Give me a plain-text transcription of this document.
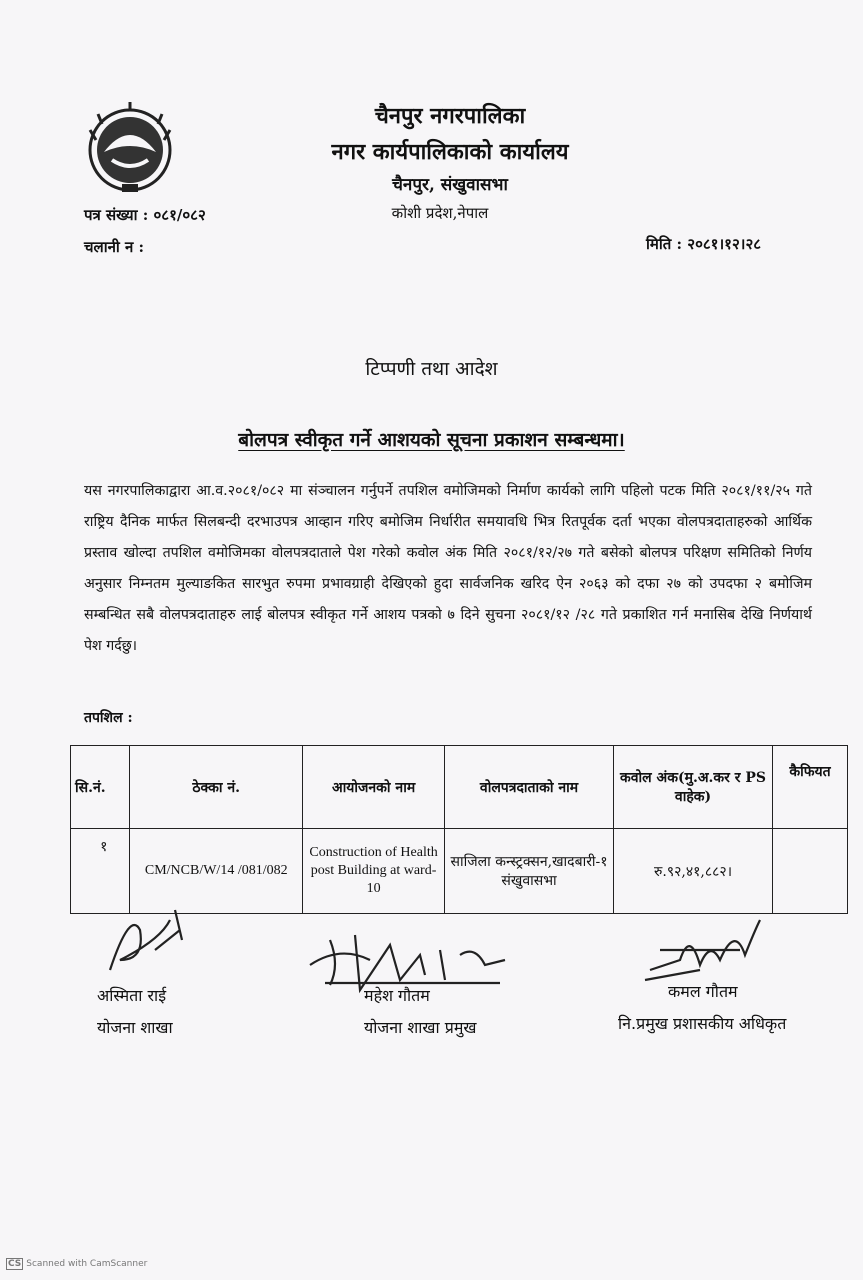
चैनपुर नगरपालिका
नगर कार्यपालिकाको कार्यालय
चैनपुर, संखुवासभा
कोशी प्रदेश,नेपाल
पत्र संख्या : ०८१/०८२
चलानी न :	मिति : २०८१।१२।२८
टिप्पणी तथा आदेश
बोलपत्र स्वीकृत गर्ने आशयको सूचना प्रकाशन सम्बन्धमा।
यस नगरपालिकाद्वारा आ.व.२०८१/०८२ मा संञ्चालन गर्नुपर्ने तपशिल वमोजिमको निर्माण कार्यको लागि पहिलो पटक मिति २०८१/११/२५ गते राष्ट्रिय दैनिक मार्फत सिलबन्दी दरभाउपत्र आव्हान गरिए बमोजिम निर्धारीत समयावधि भित्र रितपूर्वक दर्ता भएका वोलपत्रदाताहरुको आर्थिक प्रस्ताव खोल्दा तपशिल वमोजिमका वोलपत्रदाताले पेश गरेको कवोल अंक मिति २०८१/१२/२७ गते बसेको बोलपत्र परिक्षण समितिको निर्णय अनुसार निम्नतम मुल्याङकित सारभुत रुपमा प्रभावग्राही देखिएको हुदा सार्वजनिक खरिद ऐन २०६३ को दफा २७ को उपदफा २ बमोजिम सम्बन्धित सबै वोलपत्रदाताहरु लाई बोलपत्र स्वीकृत गर्ने आशय पत्रको ७ दिने सुचना २०८१/१२ /२८ गते प्रकाशित गर्न मनासिब देखि निर्णयार्थ पेश गर्दछु।
तपशिल :
सि.नं.	ठेक्का नं.	आयोजनको नाम	वोलपत्रदाताको नाम	कवोल अंक(मु.अ.कर र PS वाहेक)	कैफियत
१	CM/NCB/W/14 /081/082	Construction of Health post Building at ward-10	साजिला कन्स्ट्रक्सन,खादबारी-१ संखुवासभा	रु.९२,४१,८८२।	
अस्मिता राई
योजना शाखा
महेश गौतम
योजना शाखा प्रमुख
कमल गौतम
नि.प्रमुख प्रशासकीय अधिकृत
CS Scanned with CamScanner
